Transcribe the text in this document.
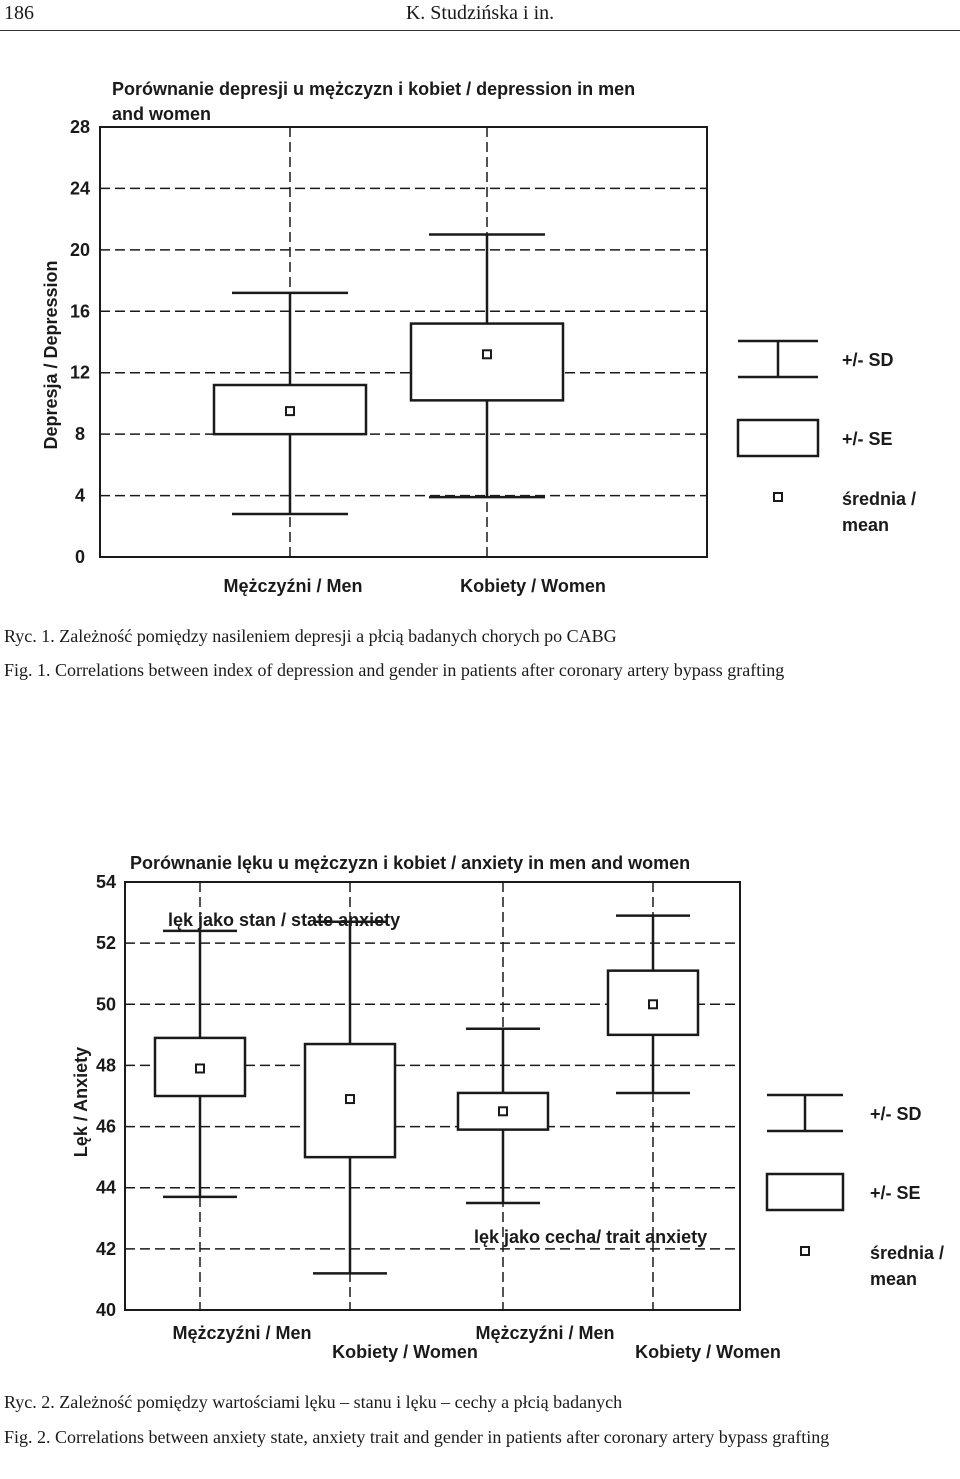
186	K. Studzińska i in.
Porównanie depresji u mężczyzn i kobiet / depression in men
and women
0
4
8
12
16
20
24
28
Depresja / Depression
Mężczyźni / Men	Kobiety / Women
+/- SD
+/- SE
średnia /
mean
Ryc. 1. Zależność pomiędzy nasileniem depresji a płcią badanych chorych po CABG
Fig. 1. Correlations between index of depression and gender in patients after coronary artery bypass grafting
Porównanie lęku u mężczyzn i kobiet / anxiety in men and women
40
42
44
46
48
50
52
54
Lęk / Anxiety
lęk jako stan / state anxiety
lęk jako cecha/ trait anxiety
Mężczyźni / Men
Kobiety / Women
Mężczyźni / Men
Kobiety / Women
+/- SD
+/- SE
średnia /
mean
Ryc. 2. Zależność pomiędzy wartościami lęku – stanu i lęku – cechy a płcią badanych
Fig. 2. Correlations between anxiety state, anxiety trait and gender in patients after coronary artery bypass grafting
